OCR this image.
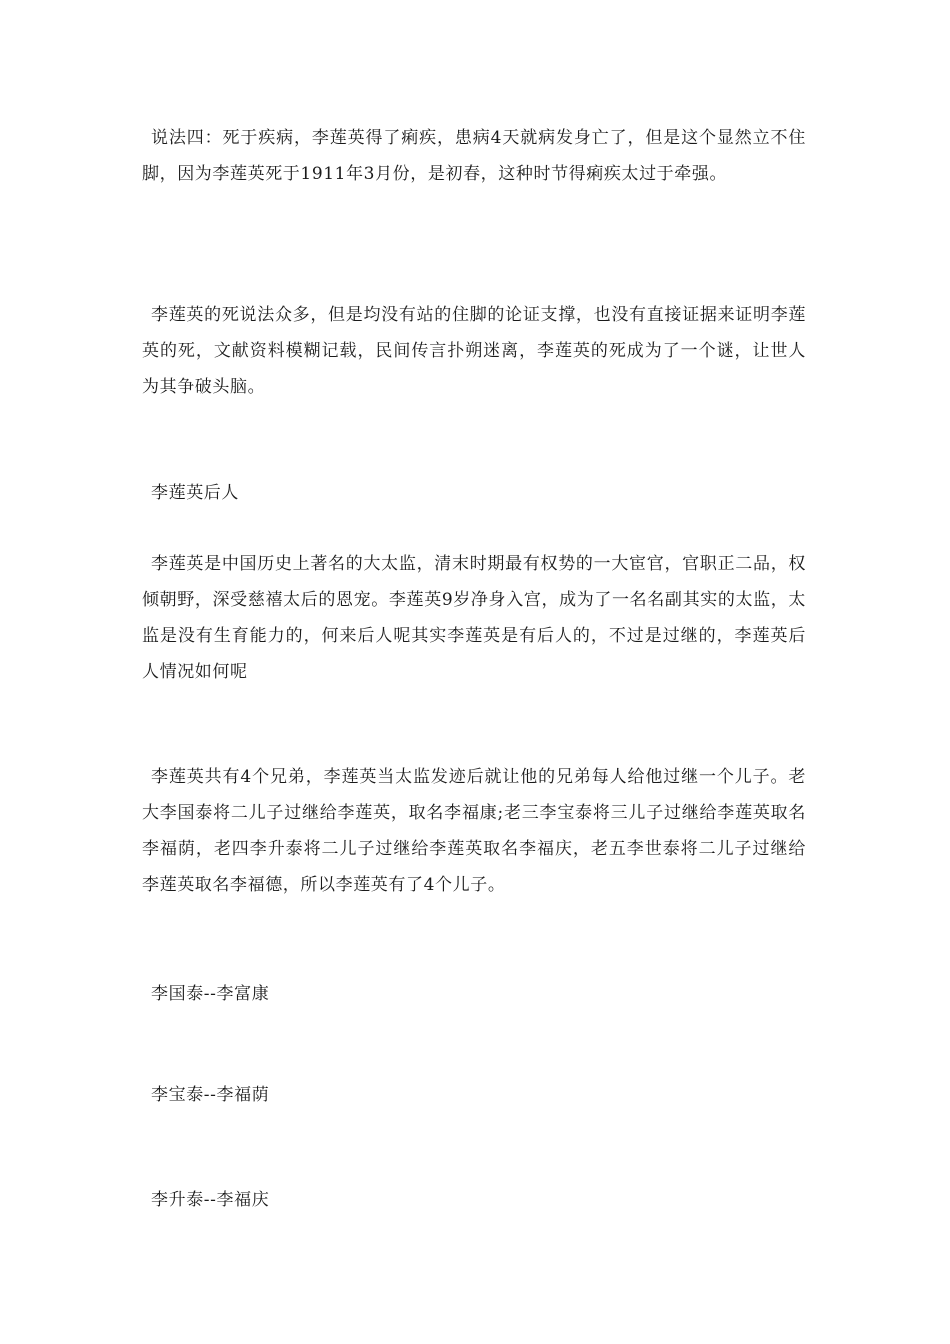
说法四：死于疾病，李莲英得了痢疾，患病4天就病发身亡了，但是这个显然立不住脚，因为李莲英死于1911年3月份，是初春，这种时节得痢疾太过于牵强。

李莲英的死说法众多，但是均没有站的住脚的论证支撑，也没有直接证据来证明李莲英的死，文献资料模糊记载，民间传言扑朔迷离，李莲英的死成为了一个谜，让世人为其争破头脑。

李莲英后人

李莲英是中国历史上著名的大太监，清末时期最有权势的一大宦官，官职正二品，权倾朝野，深受慈禧太后的恩宠。李莲英9岁净身入宫，成为了一名名副其实的太监，太监是没有生育能力的，何来后人呢其实李莲英是有后人的，不过是过继的，李莲英后人情况如何呢

李莲英共有4个兄弟，李莲英当太监发迹后就让他的兄弟每人给他过继一个儿子。老大李国泰将二儿子过继给李莲英，取名李福康;老三李宝泰将三儿子过继给李莲英取名李福荫，老四李升泰将二儿子过继给李莲英取名李福庆，老五李世泰将二儿子过继给李莲英取名李福德，所以李莲英有了4个儿子。

李国泰--李富康

李宝泰--李福荫

李升泰--李福庆
